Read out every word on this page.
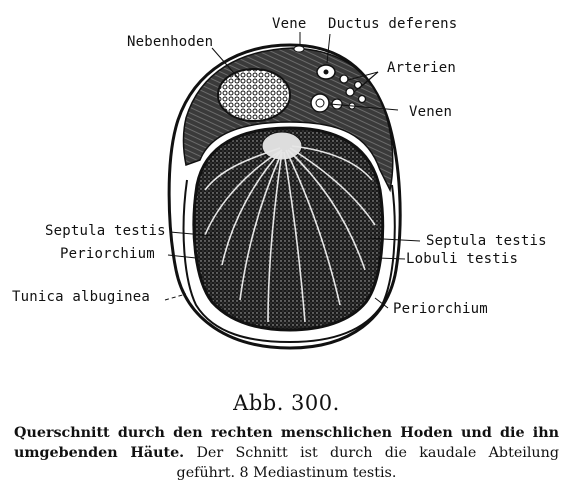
Vene Ductus deferens
Nebenhoden
Arterien
Venen
Septula testis
Periorchium
Tunica albuginea
Septula testis
Lobuli testis
Periorchium
Abb. 300.
Querschnitt durch den rechten menschlichen Hoden und die ihn umgebenden Häute. Der Schnitt ist durch die kaudale Abteilung geführt. 8 Mediastinum testis.
